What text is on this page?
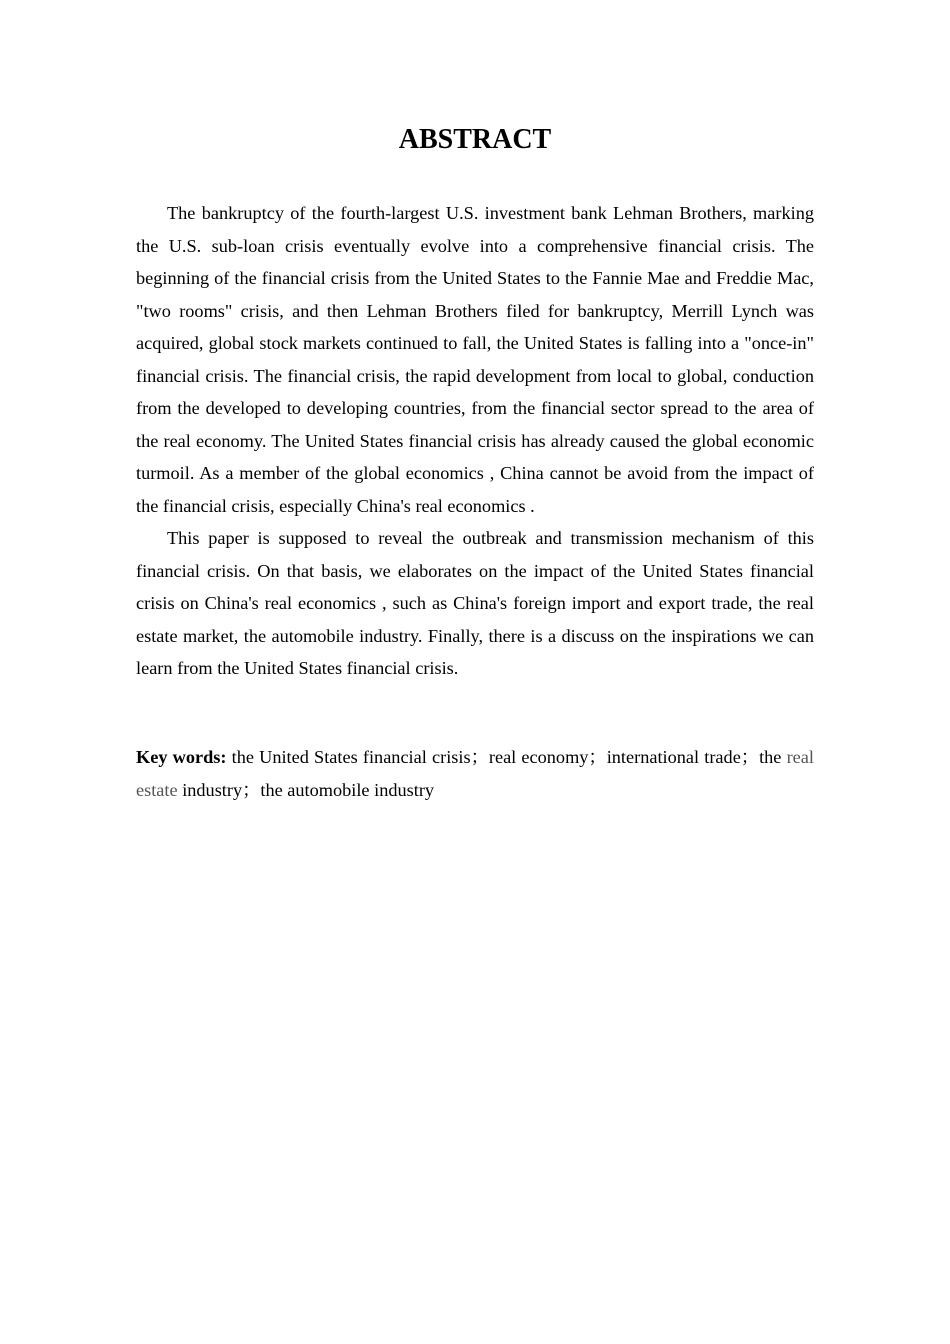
ABSTRACT

The bankruptcy of the fourth-largest U.S. investment bank Lehman Brothers, marking the U.S. sub-loan crisis eventually evolve into a comprehensive financial crisis. The beginning of the financial crisis from the United States to the Fannie Mae and Freddie Mac, "two rooms" crisis, and then Lehman Brothers filed for bankruptcy, Merrill Lynch was acquired, global stock markets continued to fall, the United States is falling into a "once-in" financial crisis. The financial crisis, the rapid development from local to global, conduction from the developed to developing countries, from the financial sector spread to the area of the real economy. The United States financial crisis has already caused the global economic turmoil. As a member of the global economics , China cannot be avoid from the impact of the financial crisis, especially China's real economics .

This paper is supposed to reveal the outbreak and transmission mechanism of this financial crisis. On that basis, we elaborates on the impact of the United States financial crisis on China's real economics , such as China's foreign import and export trade, the real estate market, the automobile industry. Finally, there is a discuss on the inspirations we can learn from the United States financial crisis.

Key words: the United States financial crisis；real economy；international trade；the real estate industry；the automobile industry
